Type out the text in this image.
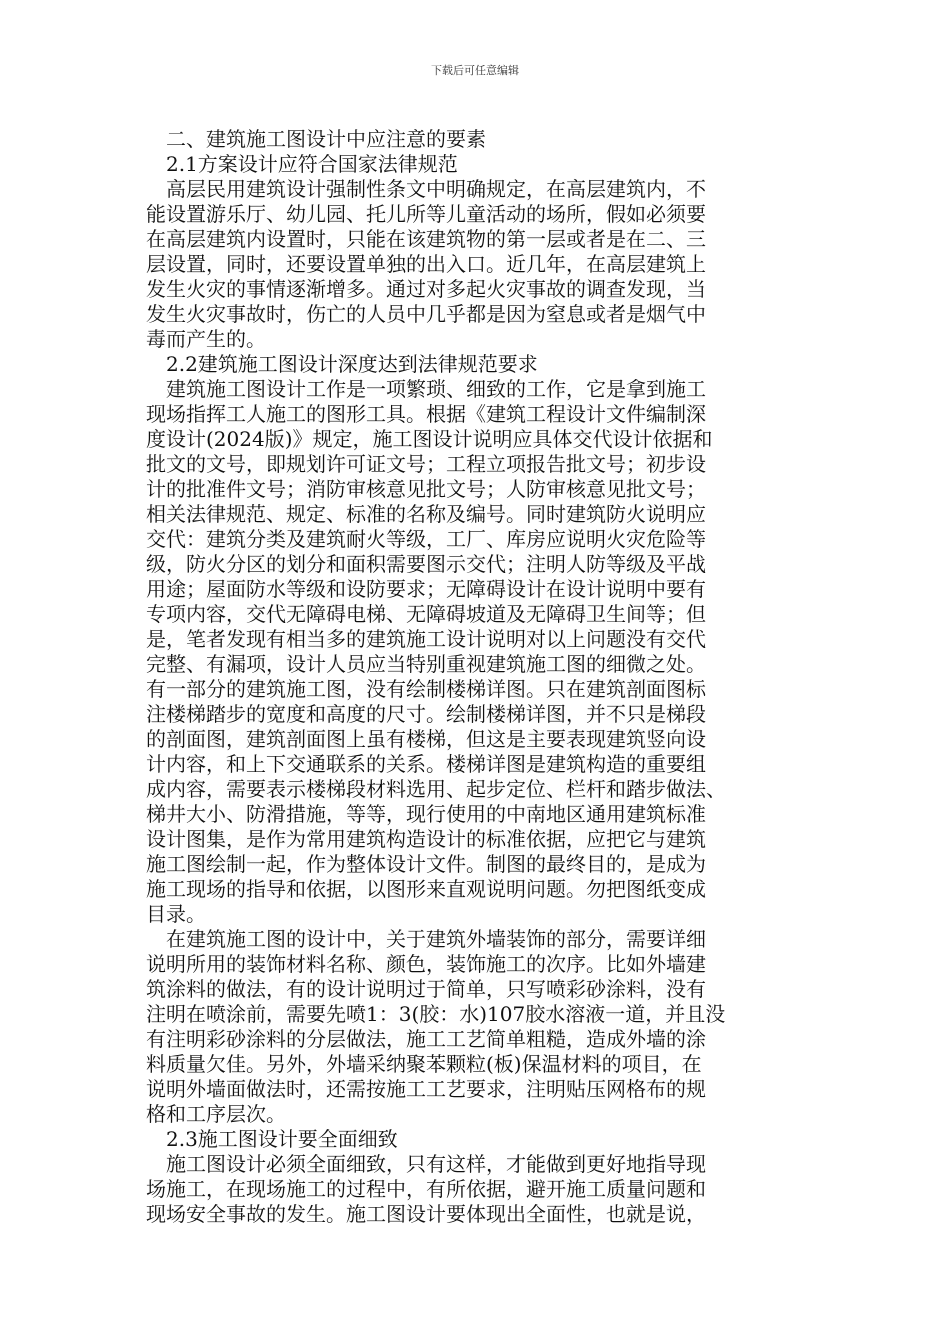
下载后可任意编辑
　二、建筑施工图设计中应注意的要素
　2.1方案设计应符合国家法律规范
　高层民用建筑设计强制性条文中明确规定，在高层建筑内，不
能设置游乐厅、幼儿园、托儿所等儿童活动的场所，假如必须要
在高层建筑内设置时，只能在该建筑物的第一层或者是在二、三
层设置，同时，还要设置单独的出入口。近几年，在高层建筑上
发生火灾的事情逐渐增多。通过对多起火灾事故的调查发现，当
发生火灾事故时，伤亡的人员中几乎都是因为窒息或者是烟气中
毒而产生的。
　2.2建筑施工图设计深度达到法律规范要求
　建筑施工图设计工作是一项繁琐、细致的工作，它是拿到施工
现场指挥工人施工的图形工具。根据《建筑工程设计文件编制深
度设计(2024版)》规定，施工图设计说明应具体交代设计依据和
批文的文号，即规划许可证文号；工程立项报告批文号；初步设
计的批准件文号；消防审核意见批文号；人防审核意见批文号；
相关法律规范、规定、标准的名称及编号。同时建筑防火说明应
交代：建筑分类及建筑耐火等级，工厂、库房应说明火灾危险等
级，防火分区的划分和面积需要图示交代；注明人防等级及平战
用途；屋面防水等级和设防要求；无障碍设计在设计说明中要有
专项内容，交代无障碍电梯、无障碍坡道及无障碍卫生间等；但
是，笔者发现有相当多的建筑施工设计说明对以上问题没有交代
完整、有漏项，设计人员应当特别重视建筑施工图的细微之处。
有一部分的建筑施工图，没有绘制楼梯详图。只在建筑剖面图标
注楼梯踏步的宽度和高度的尺寸。绘制楼梯详图，并不只是梯段
的剖面图，建筑剖面图上虽有楼梯，但这是主要表现建筑竖向设
计内容，和上下交通联系的关系。楼梯详图是建筑构造的重要组
成内容，需要表示楼梯段材料选用、起步定位、栏杆和踏步做法、
梯井大小、防滑措施，等等，现行使用的中南地区通用建筑标准
设计图集，是作为常用建筑构造设计的标准依据，应把它与建筑
施工图绘制一起，作为整体设计文件。制图的最终目的，是成为
施工现场的指导和依据，以图形来直观说明问题。勿把图纸变成
目录。
　在建筑施工图的设计中，关于建筑外墙装饰的部分，需要详细
说明所用的装饰材料名称、颜色，装饰施工的次序。比如外墙建
筑涂料的做法，有的设计说明过于简单，只写喷彩砂涂料，没有
注明在喷涂前，需要先喷1：3(胶：水)107胶水溶液一道，并且没
有注明彩砂涂料的分层做法，施工工艺简单粗糙，造成外墙的涂
料质量欠佳。另外，外墙采纳聚苯颗粒(板)保温材料的项目，在
说明外墙面做法时，还需按施工工艺要求，注明贴压网格布的规
格和工序层次。
　2.3施工图设计要全面细致
　施工图设计必须全面细致，只有这样，才能做到更好地指导现
场施工，在现场施工的过程中，有所依据，避开施工质量问题和
现场安全事故的发生。施工图设计要体现出全面性，也就是说，
